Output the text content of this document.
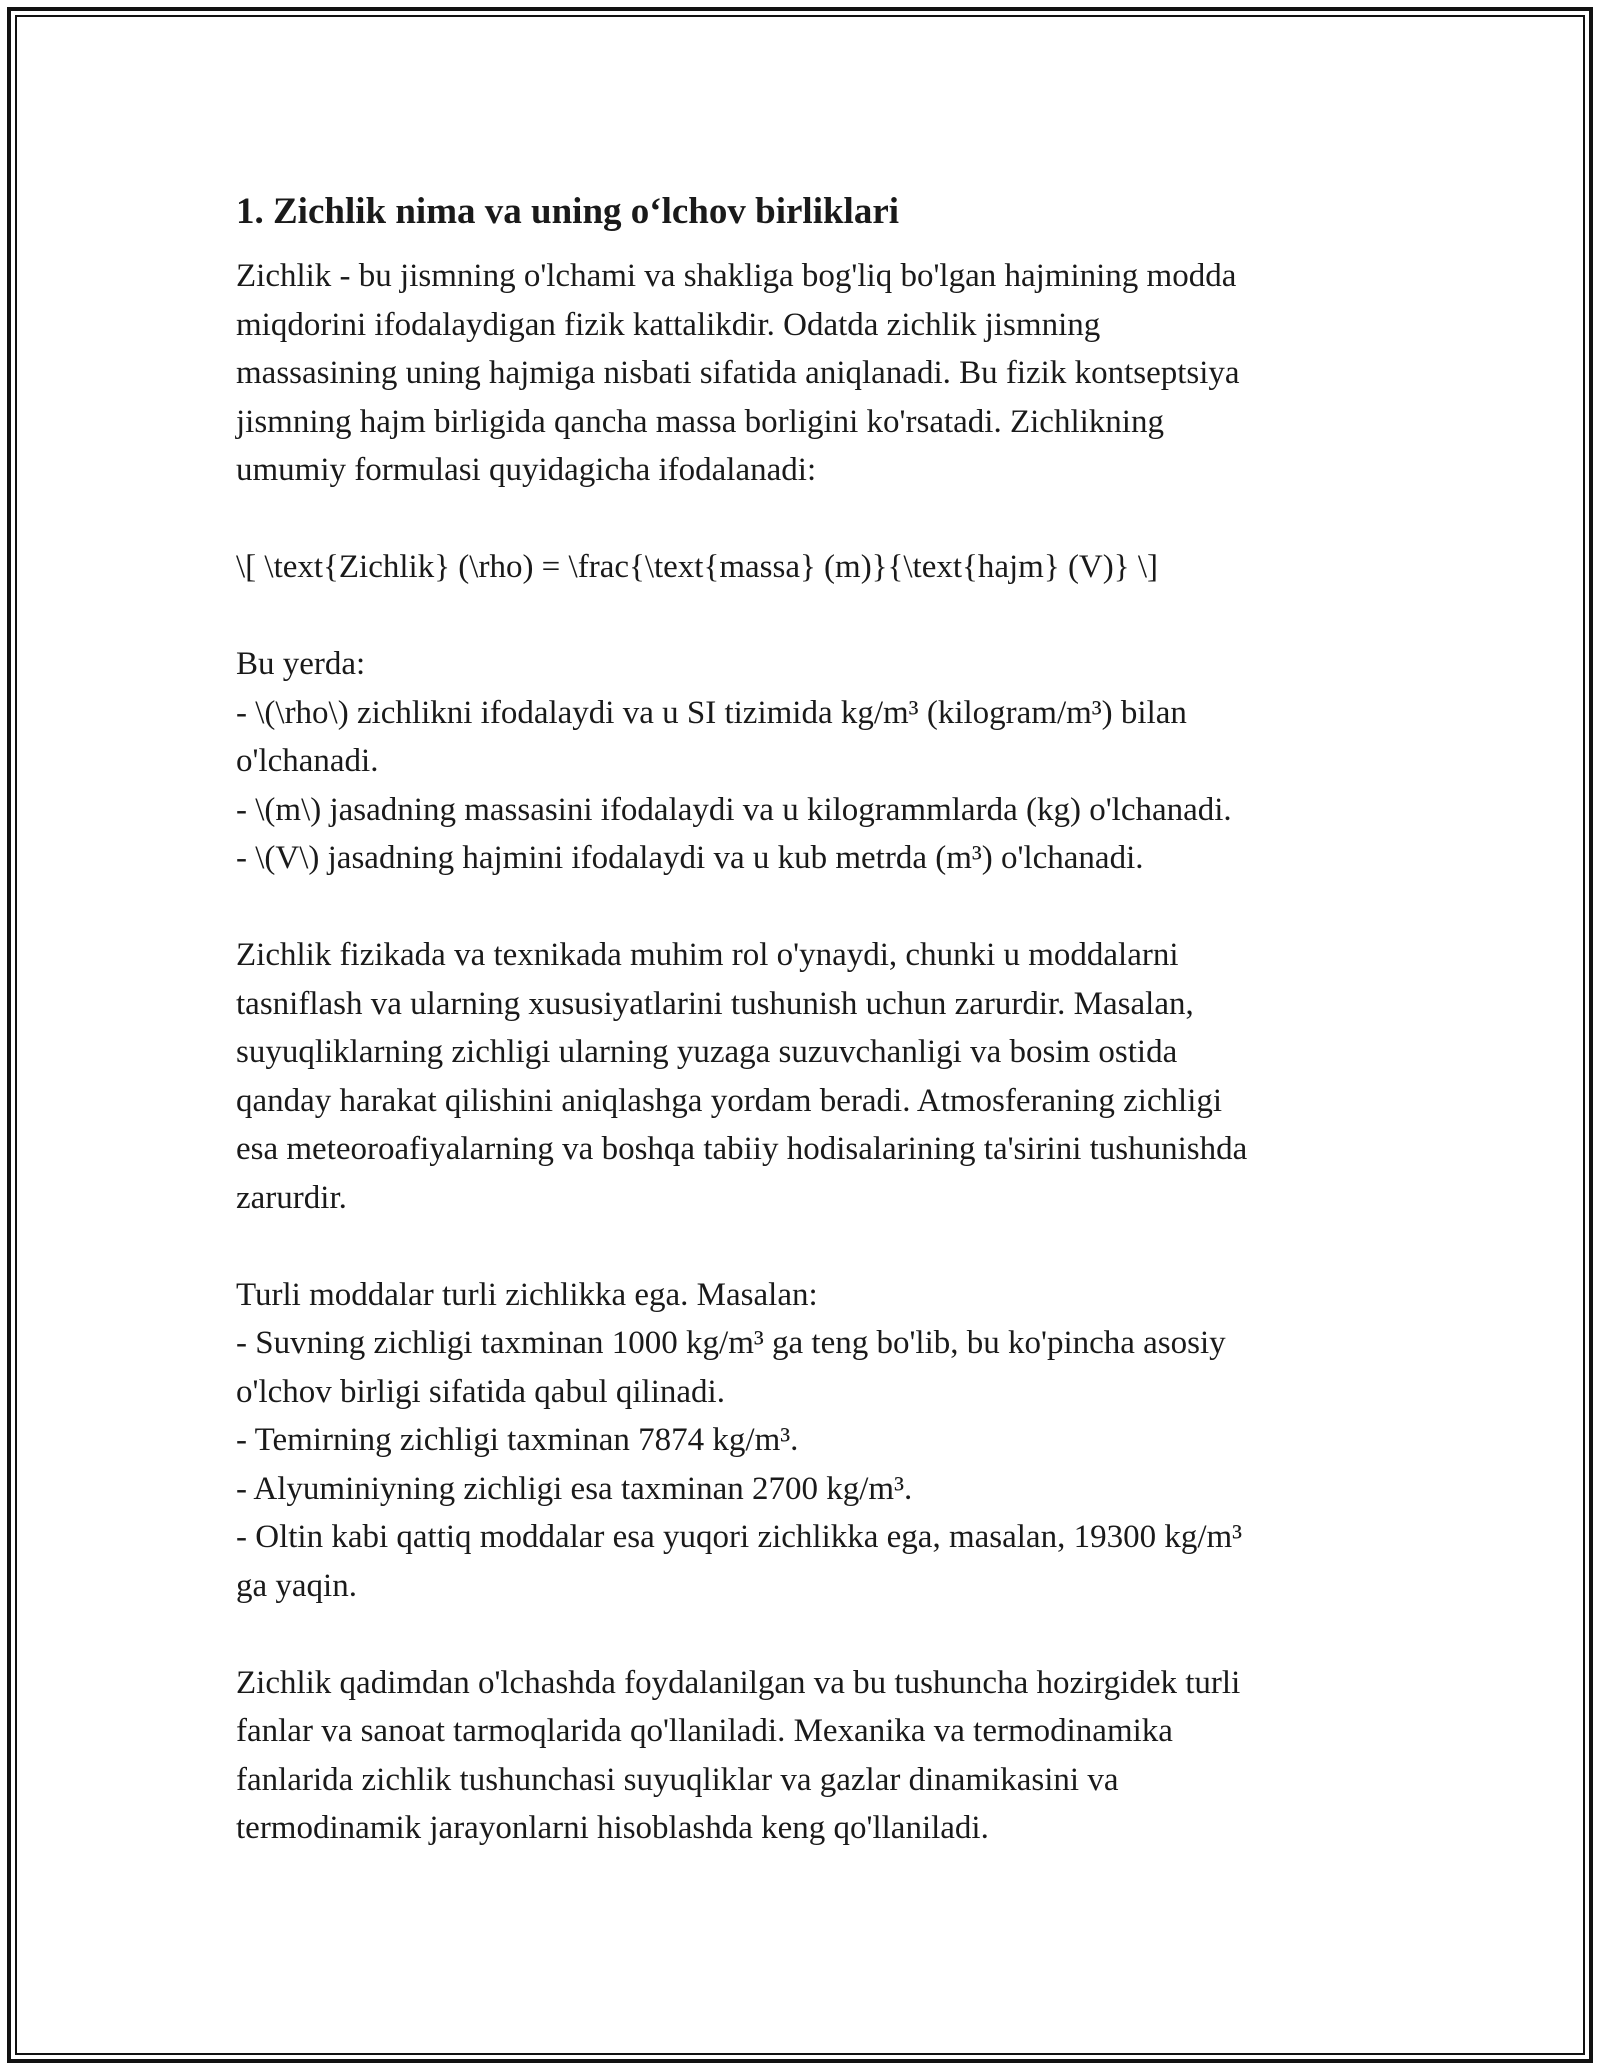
1. Zichlik nima va uning o‘lchov birliklari
Zichlik - bu jismning o'lchami va shakliga bog'liq bo'lgan hajmining modda
miqdorini ifodalaydigan fizik kattalikdir. Odatda zichlik jismning
massasining uning hajmiga nisbati sifatida aniqlanadi. Bu fizik kontseptsiya
jismning hajm birligida qancha massa borligini ko'rsatadi. Zichlikning
umumiy formulasi quyidagicha ifodalanadi:
\[ \text{Zichlik} (\rho) = \frac{\text{massa} (m)}{\text{hajm} (V)} \]
Bu yerda:
- \(\rho\) zichlikni ifodalaydi va u SI tizimida kg/m³ (kilogram/m³) bilan
o'lchanadi.
- \(m\) jasadning massasini ifodalaydi va u kilogrammlarda (kg) o'lchanadi.
- \(V\) jasadning hajmini ifodalaydi va u kub metrda (m³) o'lchanadi.
Zichlik fizikada va texnikada muhim rol o'ynaydi, chunki u moddalarni
tasniflash va ularning xususiyatlarini tushunish uchun zarurdir. Masalan,
suyuqliklarning zichligi ularning yuzaga suzuvchanligi va bosim ostida
qanday harakat qilishini aniqlashga yordam beradi. Atmosferaning zichligi
esa meteoroafiyalarning va boshqa tabiiy hodisalarining ta'sirini tushunishda
zarurdir.
Turli moddalar turli zichlikka ega. Masalan:
- Suvning zichligi taxminan 1000 kg/m³ ga teng bo'lib, bu ko'pincha asosiy
o'lchov birligi sifatida qabul qilinadi.
- Temirning zichligi taxminan 7874 kg/m³.
- Alyuminiyning zichligi esa taxminan 2700 kg/m³.
- Oltin kabi qattiq moddalar esa yuqori zichlikka ega, masalan, 19300 kg/m³
ga yaqin.
Zichlik qadimdan o'lchashda foydalanilgan va bu tushuncha hozirgidek turli
fanlar va sanoat tarmoqlarida qo'llaniladi. Mexanika va termodinamika
fanlarida zichlik tushunchasi suyuqliklar va gazlar dinamikasini va
termodinamik jarayonlarni hisoblashda keng qo'llaniladi.
